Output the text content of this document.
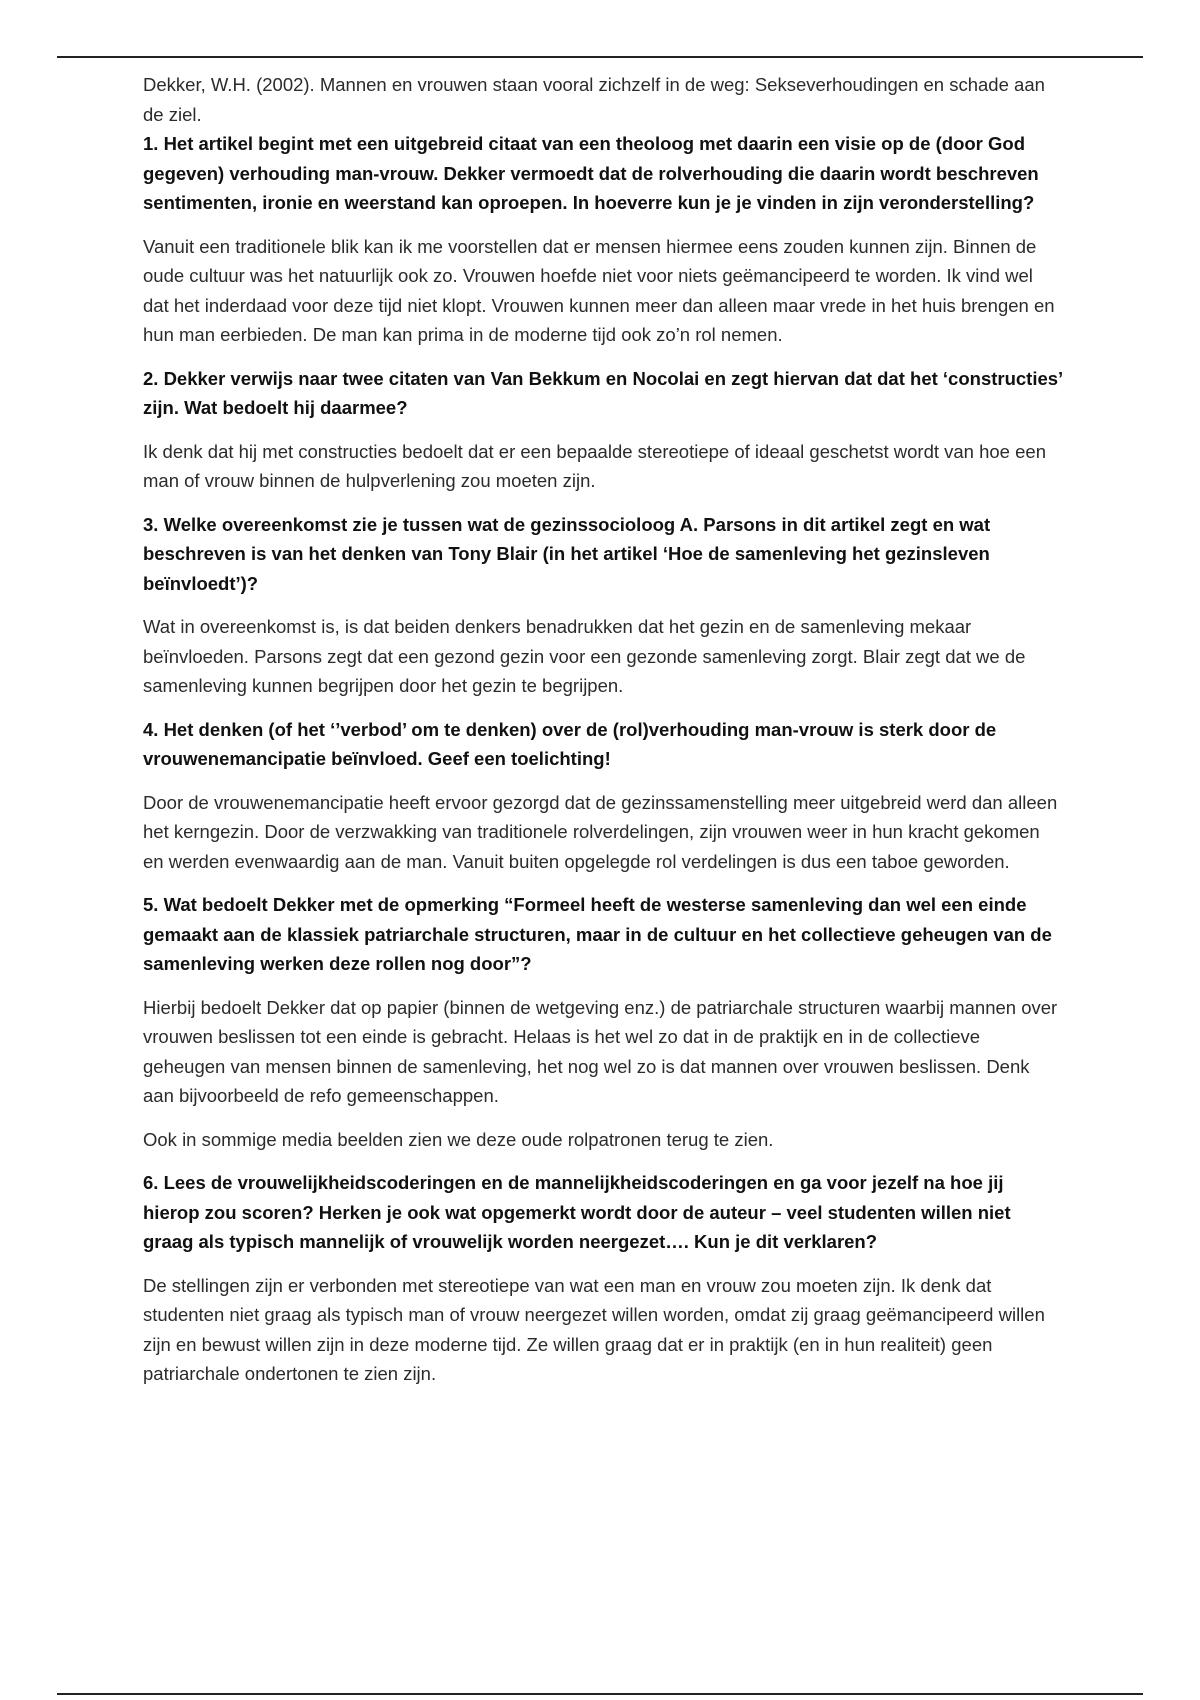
Dekker, W.H. (2002). Mannen en vrouwen staan vooral zichzelf in de weg: Sekseverhoudingen en schade aan de ziel.

1. Het artikel begint met een uitgebreid citaat van een theoloog met daarin een visie op de (door God gegeven) verhouding man-vrouw. Dekker vermoedt dat de rolverhouding die daarin wordt beschreven sentimenten, ironie en weerstand kan oproepen. In hoeverre kun je je vinden in zijn veronderstelling?

Vanuit een traditionele blik kan ik me voorstellen dat er mensen hiermee eens zouden kunnen zijn. Binnen de oude cultuur was het natuurlijk ook zo. Vrouwen hoefde niet voor niets geëmancipeerd te worden. Ik vind wel dat het inderdaad voor deze tijd niet klopt. Vrouwen kunnen meer dan alleen maar vrede in het huis brengen en hun man eerbieden. De man kan prima in de moderne tijd ook zo’n rol nemen.

2. Dekker verwijs naar twee citaten van Van Bekkum en Nocolai en zegt hiervan dat dat het ‘constructies’ zijn. Wat bedoelt hij daarmee?

Ik denk dat hij met constructies bedoelt dat er een bepaalde stereotiepe of ideaal geschetst wordt van hoe een man of vrouw binnen de hulpverlening zou moeten zijn.

3. Welke overeenkomst zie je tussen wat de gezinssocioloog A. Parsons in dit artikel zegt en wat beschreven is van het denken van Tony Blair (in het artikel ‘Hoe de samenleving het gezinsleven beïnvloedt’)?

Wat in overeenkomst is, is dat beiden denkers benadrukken dat het gezin en de samenleving mekaar beïnvloeden. Parsons zegt dat een gezond gezin voor een gezonde samenleving zorgt. Blair zegt dat we de samenleving kunnen begrijpen door het gezin te begrijpen.

4. Het denken (of het ‘’verbod’ om te denken) over de (rol)verhouding man-vrouw is sterk door de vrouwenemancipatie beïnvloed. Geef een toelichting!

Door de vrouwenemancipatie heeft ervoor gezorgd dat de gezinssamenstelling meer uitgebreid werd dan alleen het kerngezin. Door de verzwakking van traditionele rolverdelingen, zijn vrouwen weer in hun kracht gekomen en werden evenwaardig aan de man. Vanuit buiten opgelegde rol verdelingen is dus een taboe geworden.

5. Wat bedoelt Dekker met de opmerking “Formeel heeft de westerse samenleving dan wel een einde gemaakt aan de klassiek patriarchale structuren, maar in de cultuur en het collectieve geheugen van de samenleving werken deze rollen nog door”?

Hierbij bedoelt Dekker dat op papier (binnen de wetgeving enz.) de patriarchale structuren waarbij mannen over vrouwen beslissen tot een einde is gebracht. Helaas is het wel zo dat in de praktijk en in de collectieve geheugen van mensen binnen de samenleving, het nog wel zo is dat mannen over vrouwen beslissen. Denk aan bijvoorbeeld de refo gemeenschappen.

Ook in sommige media beelden zien we deze oude rolpatronen terug te zien.

6. Lees de vrouwelijkheidscoderingen en de mannelijkheidscoderingen en ga voor jezelf na hoe jij hierop zou scoren? Herken je ook wat opgemerkt wordt door de auteur – veel studenten willen niet graag als typisch mannelijk of vrouwelijk worden neergezet…. Kun je dit verklaren?

De stellingen zijn er verbonden met stereotiepe van wat een man en vrouw zou moeten zijn. Ik denk dat studenten niet graag als typisch man of vrouw neergezet willen worden, omdat zij graag geëmancipeerd willen zijn en bewust willen zijn in deze moderne tijd. Ze willen graag dat er in praktijk (en in hun realiteit) geen patriarchale ondertonen te zien zijn.
